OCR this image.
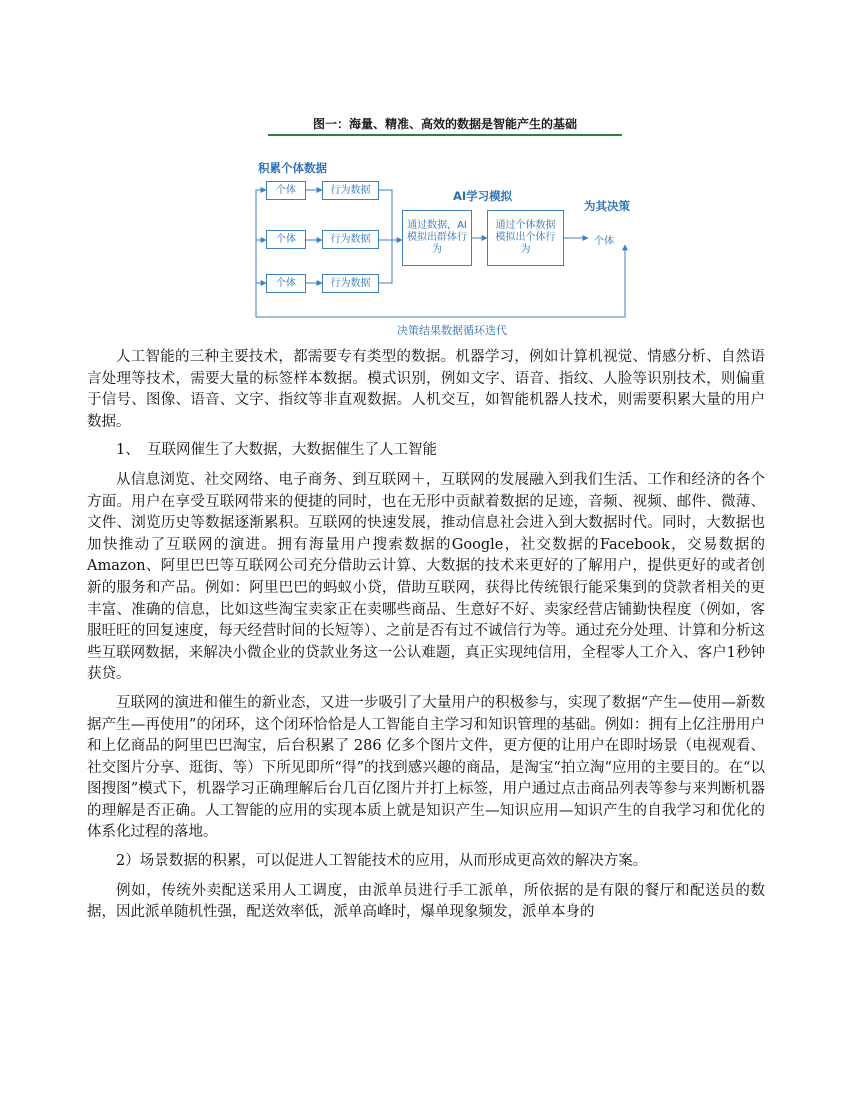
图一：海量、精准、高效的数据是智能产生的基础
积累个体数据
AI学习模拟
为其决策
个体	行为数据
个体	行为数据
个体	行为数据
通过数据，AI模拟出群体行为
通过个体数据模拟出个体行为
个体
决策结果数据循环迭代

人工智能的三种主要技术，都需要专有类型的数据。机器学习，例如计算机视觉、情感分析、自然语言处理等技术，需要大量的标签样本数据。模式识别，例如文字、语音、指纹、人脸等识别技术，则偏重于信号、图像、语音、文字、指纹等非直观数据。人机交互，如智能机器人技术，则需要积累大量的用户数据。

1、　互联网催生了大数据，大数据催生了人工智能

从信息浏览、社交网络、电子商务、到互联网＋，互联网的发展融入到我们生活、工作和经济的各个方面。用户在享受互联网带来的便捷的同时，也在无形中贡献着数据的足迹，音频、视频、邮件、微薄、文件、浏览历史等数据逐渐累积。互联网的快速发展，推动信息社会进入到大数据时代。同时，大数据也加快推动了互联网的演进。拥有海量用户搜索数据的Google，社交数据的Facebook，交易数据的Amazon、阿里巴巴等互联网公司充分借助云计算、大数据的技术来更好的了解用户，提供更好的或者创新的服务和产品。例如：阿里巴巴的蚂蚁小贷，借助互联网，获得比传统银行能采集到的贷款者相关的更丰富、准确的信息，比如这些淘宝卖家正在卖哪些商品、生意好不好、卖家经营店铺勤快程度（例如，客服旺旺的回复速度，每天经营时间的长短等）、之前是否有过不诚信行为等。通过充分处理、计算和分析这些互联网数据，来解决小微企业的贷款业务这一公认难题，真正实现纯信用，全程零人工介入、客户1秒钟获贷。

互联网的演进和催生的新业态，又进一步吸引了大量用户的积极参与，实现了数据“产生—使用—新数据产生—再使用”的闭环，这个闭环恰恰是人工智能自主学习和知识管理的基础。例如：拥有上亿注册用户和上亿商品的阿里巴巴淘宝，后台积累了 286 亿多个图片文件，更方便的让用户在即时场景（电视观看、社交图片分享、逛街、等）下所见即所“得”的找到感兴趣的商品，是淘宝“拍立淘“应用的主要目的。在“以图搜图”模式下，机器学习正确理解后台几百亿图片并打上标签，用户通过点击商品列表等参与来判断机器的理解是否正确。人工智能的应用的实现本质上就是知识产生—知识应用—知识产生的自我学习和优化的体系化过程的落地。

2）场景数据的积累，可以促进人工智能技术的应用，从而形成更高效的解决方案。

例如，传统外卖配送采用人工调度，由派单员进行手工派单，所依据的是有限的餐厅和配送员的数据，因此派单随机性强，配送效率低，派单高峰时，爆单现象频发，派单本身的
